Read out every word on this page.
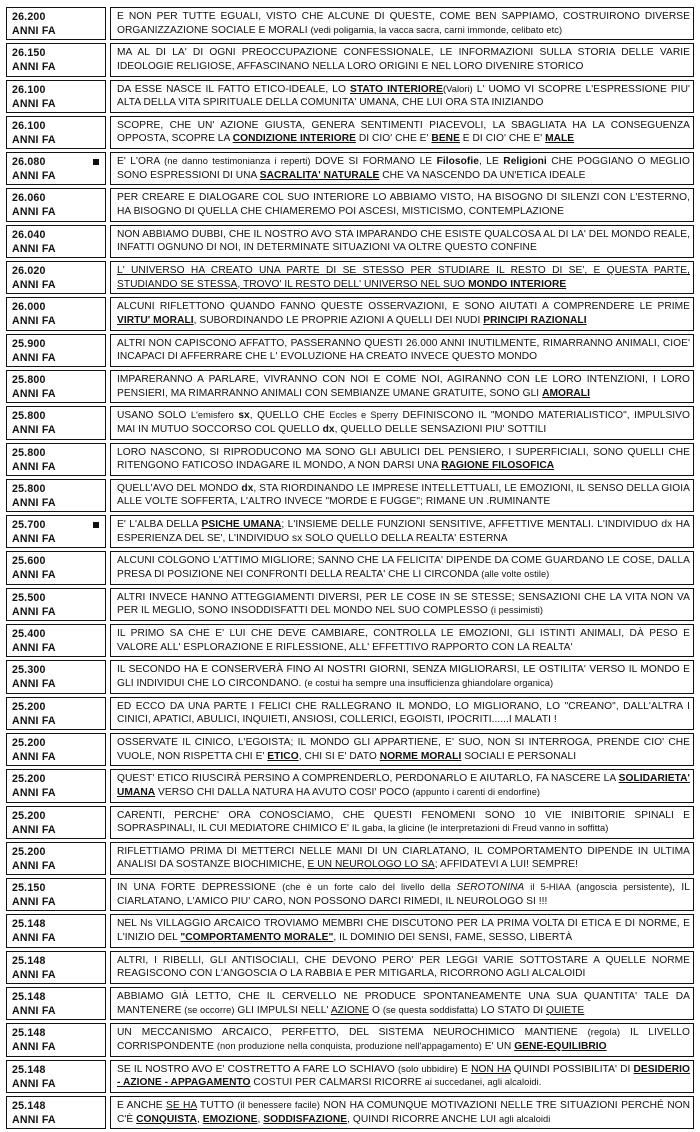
26.200
ANNI FA
E NON PER TUTTE EGUALI, VISTO CHE ALCUNE DI QUESTE, COME BEN SAPPIAMO, COSTRUIRONO DIVERSE ORGANIZZAZIONE SOCIALE E MORALI (vedi poligamia, la vacca sacra, carni immonde, celibato etc)
26.150
ANNI FA
MA AL DI LA' DI OGNI PREOCCUPAZIONE CONFESSIONALE, LE INFORMAZIONI SULLA STORIA DELLE VARIE IDEOLOGIE RELIGIOSE, AFFASCINANO NELLA LORO ORIGINI E NEL LORO DIVENIRE STORICO
26.100
ANNI FA
DA ESSE NASCE IL FATTO ETICO-IDEALE, LO STATO INTERIORE(Valori) L' UOMO VI SCOPRE L'ESPRESSIONE PIU' ALTA DELLA VITA SPIRITUALE DELLA COMUNITA' UMANA, CHE LUI ORA STA INIZIANDO
26.100
ANNI FA
SCOPRE, CHE UN' AZIONE GIUSTA, GENERA SENTIMENTI PIACEVOLI, LA SBAGLIATA HA LA CONSEGUENZA OPPOSTA, SCOPRE LA CONDIZIONE INTERIORE DI CIO' CHE E' BENE E DI CIO' CHE E' MALE
26.080
ANNI FA
E' L'ORA (ne danno testimonianza i reperti) DOVE SI FORMANO LE Filosofie, LE Religioni CHE POGGIANO O MEGLIO SONO ESPRESSIONI DI UNA SACRALITA' NATURALE CHE VA NASCENDO DA UN'ETICA IDEALE
26.060
ANNI FA
PER CREARE E DIALOGARE COL SUO INTERIORE LO ABBIAMO VISTO, HA BISOGNO DI SILENZI CON L'ESTERNO, HA BISOGNO DI QUELLA CHE CHIAMEREMO POI ASCESI, MISTICISMO, CONTEMPLAZIONE
26.040
ANNI FA
NON ABBIAMO DUBBI, CHE IL NOSTRO AVO STA IMPARANDO CHE ESISTE QUALCOSA AL DI LA' DEL MONDO REALE, INFATTI OGNUNO DI NOI, IN DETERMINATE SITUAZIONI VA OLTRE QUESTO CONFINE
26.020
ANNI FA
L' UNIVERSO HA CREATO UNA PARTE DI SE STESSO PER STUDIARE IL RESTO DI SE', E QUESTA PARTE, STUDIANDO SE STESSA, TROVO' IL RESTO DELL' UNIVERSO NEL SUO MONDO INTERIORE
26.000
ANNI FA
ALCUNI RIFLETTONO QUANDO FANNO QUESTE OSSERVAZIONI, E SONO AIUTATI A COMPRENDERE LE PRIME VIRTU' MORALI, SUBORDINANDO LE PROPRIE AZIONI A QUELLI DEI NUDI PRINCIPI RAZIONALI
25.900
ANNI FA
ALTRI NON CAPISCONO AFFATTO, PASSERANNO QUESTI 26.000 ANNI INUTILMENTE, RIMARRANNO ANIMALI, CIOE' INCAPACI DI AFFERRARE CHE L' EVOLUZIONE HA CREATO INVECE QUESTO MONDO
25.800
ANNI FA
IMPARERANNO A PARLARE, VIVRANNO CON NOI E COME NOI, AGIRANNO CON LE LORO INTENZIONI, I LORO PENSIERI, MA RIMARRANNO ANIMALI CON SEMBIANZE UMANE GRATUITE, SONO GLI AMORALI
25.800
ANNI FA
USANO SOLO L'emisfero sx, QUELLO CHE Eccles e Sperry DEFINISCONO IL "MONDO MATERIALISTICO", IMPULSIVO MAI IN MUTUO SOCCORSO COL QUELLO dx, QUELLO DELLE SENSAZIONI PIU' SOTTILI
25.800
ANNI FA
LORO NASCONO, SI RIPRODUCONO MA SONO GLI ABULICI DEL PENSIERO, I SUPERFICIALI, SONO QUELLI CHE RITENGONO FATICOSO INDAGARE IL MONDO, A NON DARSI UNA RAGIONE FILOSOFICA
25.800
ANNI FA
QUELL'AVO DEL MONDO dx, STA RIORDINANDO LE IMPRESE INTELLETTUALI, LE EMOZIONI, IL SENSO DELLA GIOIA ALLE VOLTE SOFFERTA, L'ALTRO INVECE "MORDE E FUGGE"; RIMANE UN .RUMINANTE
25.700
ANNI FA
E' L'ALBA DELLA PSICHE UMANA; L'INSIEME DELLE FUNZIONI SENSITIVE, AFFETTIVE MENTALI. L'INDIVIDUO dx HA ESPERIENZA DEL SE', L'INDIVIDUO sx SOLO QUELLO DELLA REALTA' ESTERNA
25.600
ANNI FA
ALCUNI COLGONO L'ATTIMO MIGLIORE; SANNO CHE LA FELICITA' DIPENDE DA COME GUARDANO LE COSE, DALLA PRESA DI POSIZIONE NEI CONFRONTI DELLA REALTA' CHE LI CIRCONDA (alle volte ostile)
25.500
ANNI FA
ALTRI INVECE HANNO ATTEGGIAMENTI DIVERSI, PER LE COSE IN SE STESSE; SENSAZIONI CHE LA VITA NON VA PER IL MEGLIO, SONO INSODDISFATTI DEL MONDO NEL SUO COMPLESSO (i pessimisti)
25.400
ANNI FA
IL PRIMO SA CHE E' LUI CHE DEVE CAMBIARE, CONTROLLA LE EMOZIONI, GLI ISTINTI ANIMALI, DÀ PESO E VALORE ALL' ESPLORAZIONE E RIFLESSIONE, ALL' EFFETTIVO RAPPORTO CON LA REALTA'
25.300
ANNI FA
IL SECONDO HA E CONSERVERÀ FINO AI NOSTRI GIORNI, SENZA MIGLIORARSI, LE OSTILITA' VERSO IL MONDO E GLI INDIVIDUI CHE LO CIRCONDANO. (e costui ha sempre una insufficienza ghiandolare organica)
25.200
ANNI FA
ED ECCO DA UNA PARTE I FELICI CHE RALLEGRANO IL MONDO, LO MIGLIORANO, LO "CREANO", DALL'ALTRA I CINICI, APATICI, ABULICI, INQUIETI, ANSIOSI, COLLERICI, EGOISTI, IPOCRITI......I MALATI !
25.200
ANNI FA
OSSERVATE IL CINICO, L'EGOISTA; IL MONDO GLI APPARTIENE, E' SUO, NON SI INTERROGA, PRENDE CIO' CHE VUOLE, NON RISPETTA CHI E' ETICO, CHI SI E' DATO NORME MORALI SOCIALI E PERSONALI
25.200
ANNI FA
QUEST' ETICO RIUSCIRÀ PERSINO A COMPRENDERLO, PERDONARLO E AIUTARLO, FA NASCERE LA SOLIDARIETA' UMANA VERSO CHI DALLA NATURA HA AVUTO COSI' POCO (appunto i carenti di endorfine)
25.200
ANNI FA
CARENTI, PERCHE' ORA CONOSCIAMO, CHE QUESTI FENOMENI SONO 10 VIE INIBITORIE SPINALI E SOPRASPINALI, IL CUI MEDIATORE CHIMICO E' IL gaba, la glicine (le interpretazioni di Freud vanno in soffitta)
25.200
ANNI FA
RIFLETTIAMO PRIMA DI METTERCI NELLE MANI DI UN CIARLATANO, IL COMPORTAMENTO DIPENDE IN ULTIMA ANALISI DA SOSTANZE BIOCHIMICHE, E UN NEUROLOGO LO SA; AFFIDATEVI A LUI! SEMPRE!
25.150
ANNI FA
IN UNA FORTE DEPRESSIONE (che è un forte calo del livello della SEROTONINA il 5-HIAA (angoscia persistente), IL CIARLATANO, L'AMICO PIU' CARO, NON POSSONO DARCI RIMEDI, IL NEUROLOGO SI !!!
25.148
ANNI FA
NEL Ns VILLAGGIO ARCAICO TROVIAMO MEMBRI CHE DISCUTONO PER LA PRIMA VOLTA DI ETICA E DI NORME, E L'INIZIO DEL "COMPORTAMENTO MORALE", IL DOMINIO DEI SENSI, FAME, SESSO, LIBERTÀ
25.148
ANNI FA
ALTRI, I RIBELLI, GLI ANTISOCIALI, CHE DEVONO PERO' PER LEGGI VARIE SOTTOSTARE A QUELLE NORME REAGISCONO CON L'ANGOSCIA O LA RABBIA E PER MITIGARLA, RICORRONO AGLI ALCALOIDI
25.148
ANNI FA
ABBIAMO GIÀ LETTO, CHE IL CERVELLO NE PRODUCE SPONTANEAMENTE UNA SUA QUANTITA' TALE DA MANTENERE (se occorre) GLI IMPULSI NELL' AZIONE O (se questa soddisfatta) LO STATO DI QUIETE
25.148
ANNI FA
UN MECCANISMO ARCAICO, PERFETTO, DEL SISTEMA NEUROCHIMICO MANTIENE (regola) IL LIVELLO CORRISPONDENTE (non produzione nella conquista, produzione nell'appagamento) E' UN GENE-EQUILIBRIO
25.148
ANNI FA
SE IL NOSTRO AVO E' COSTRETTO A FARE LO SCHIAVO (solo ubbidire) E NON HA QUINDI POSSIBILITA' DI DESIDERIO - AZIONE - APPAGAMENTO COSTUI PER CALMARSI RICORRE ai succedanei, agli alcaloidi.
25.148
ANNI FA
E ANCHE SE HA TUTTO (il benessere facile) NON HA COMUNQUE MOTIVAZIONI NELLE TRE SITUAZIONI PERCHÉ NON C'È CONQUISTA, EMOZIONE, SODDISFAZIONE, QUINDI RICORRE ANCHE LUI agli alcaloidi
